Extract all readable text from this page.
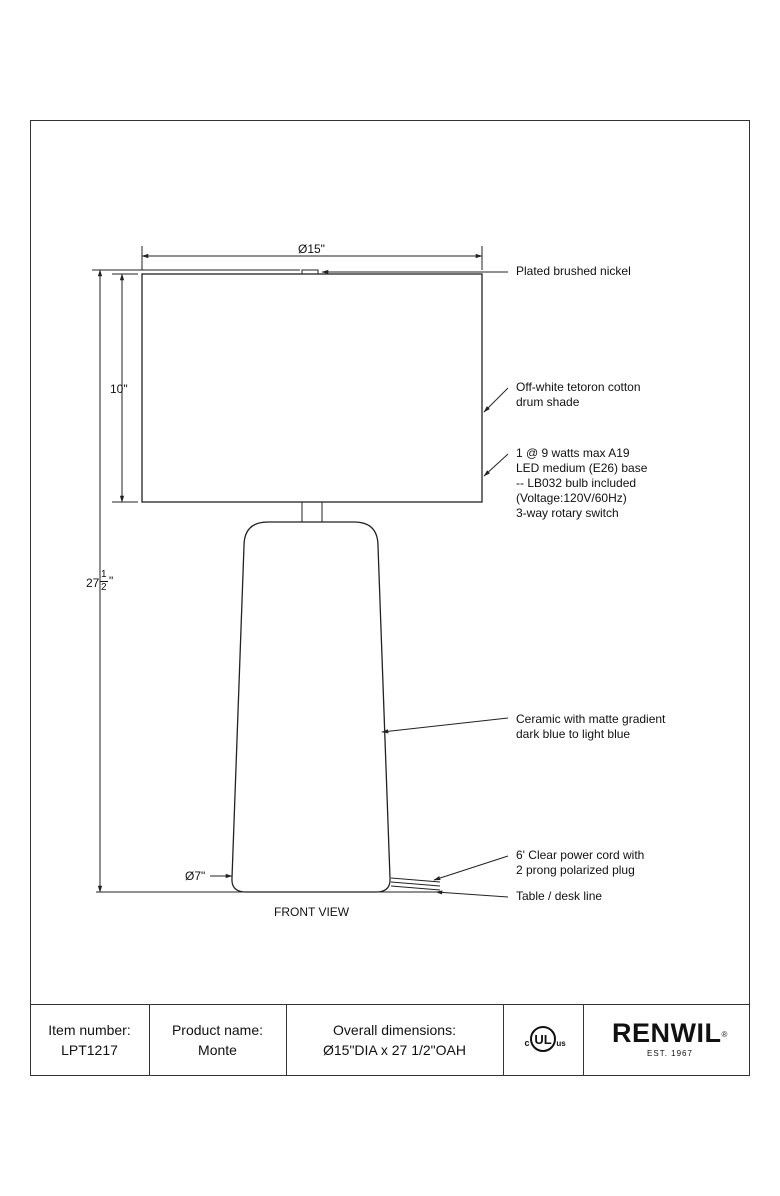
Ø15"
10"
27
1
2 "
Ø7"
Plated brushed nickel
Off-white tetoron cotton
drum shade
1 @ 9 watts max A19
LED medium (E26) base
-- LB032 bulb included
(Voltage:120V/60Hz)
3-way rotary switch
Ceramic with matte gradient
dark blue to light blue
6' Clear power cord with
2 prong polarized plug
Table / desk line
FRONT VIEW
Item number:
LPT1217
Product name:
Monte
Overall dimensions:
Ø15"DIA x 27 1/2"OAH
UL
c	us	RENWIL®
EST. 1967
